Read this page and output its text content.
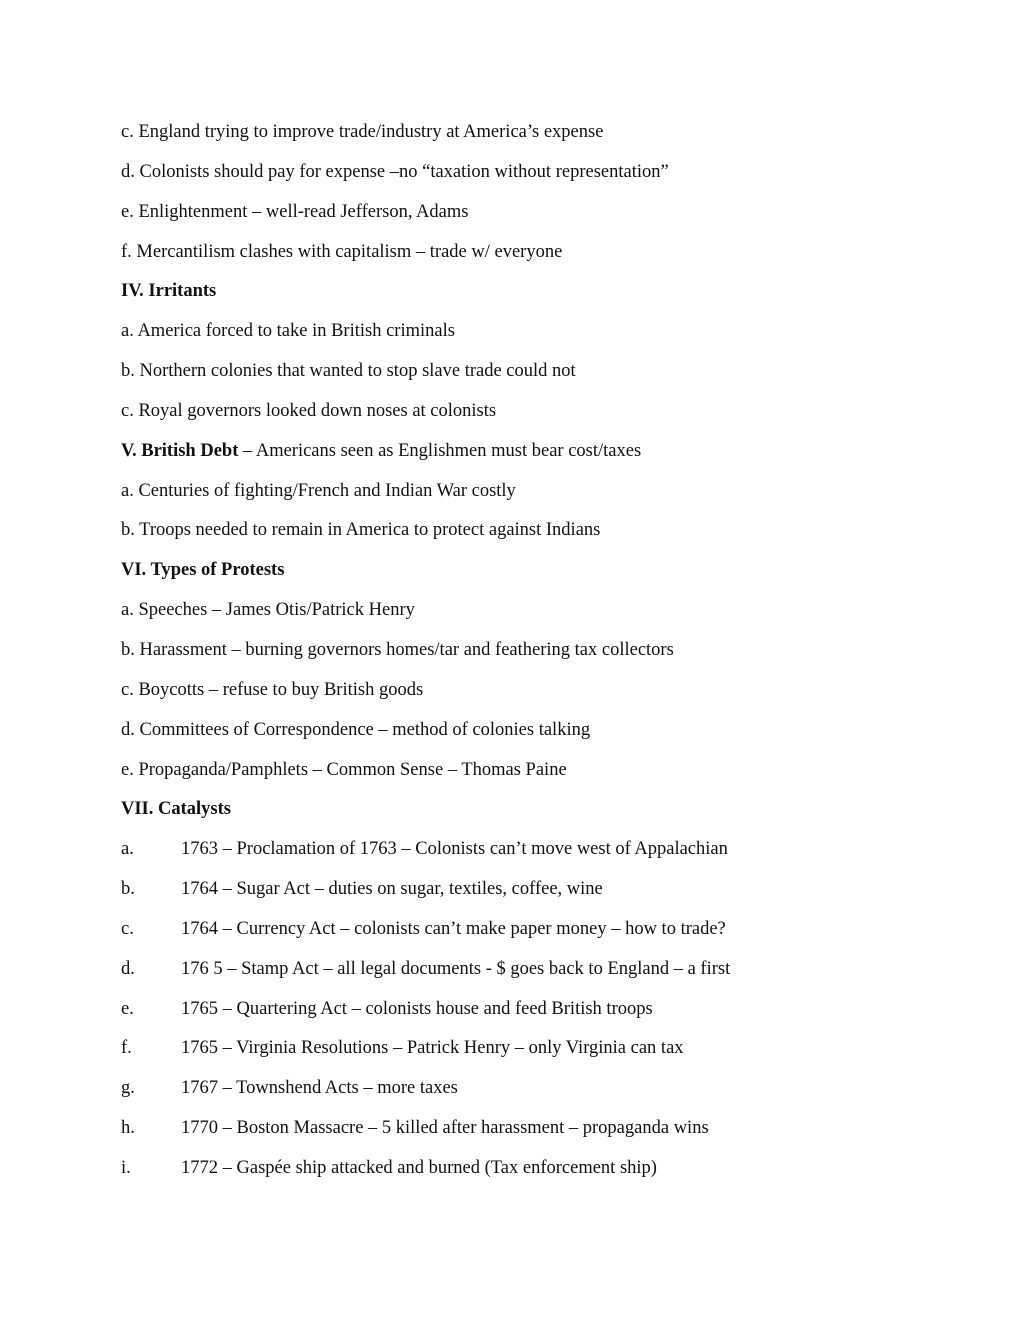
c. England trying to improve trade/industry at America’s expense
d. Colonists should pay for expense –no “taxation without representation”
e. Enlightenment – well-read Jefferson, Adams
f. Mercantilism clashes with capitalism – trade w/ everyone
IV. Irritants
a. America forced to take in British criminals
b. Northern colonies that wanted to stop slave trade could not
c. Royal governors looked down noses at colonists
V. British Debt – Americans seen as Englishmen must bear cost/taxes
a. Centuries of fighting/French and Indian War costly
b. Troops needed to remain in America to protect against Indians
VI. Types of Protests
a. Speeches – James Otis/Patrick Henry
b. Harassment – burning governors homes/tar and feathering tax collectors
c. Boycotts – refuse to buy British goods
d. Committees of Correspondence – method of colonies talking
e. Propaganda/Pamphlets – Common Sense – Thomas Paine
VII. Catalysts
a.	1763 – Proclamation of 1763 – Colonists can’t move west of Appalachian
b. 1764 – Sugar Act – duties on sugar, textiles, coffee, wine
c.	1764 – Currency Act – colonists can’t make paper money – how to trade?
d. 176 5 – Stamp Act – all legal documents - $ goes back to England – a first
e.	1765 – Quartering Act – colonists house and feed British troops
f.	1765 – Virginia Resolutions – Patrick Henry – only Virginia can tax
g. 1767 – Townshend Acts – more taxes
h. 1770 – Boston Massacre – 5 killed after harassment – propaganda wins
i.	1772 – Gaspée ship attacked and burned (Tax enforcement ship)
